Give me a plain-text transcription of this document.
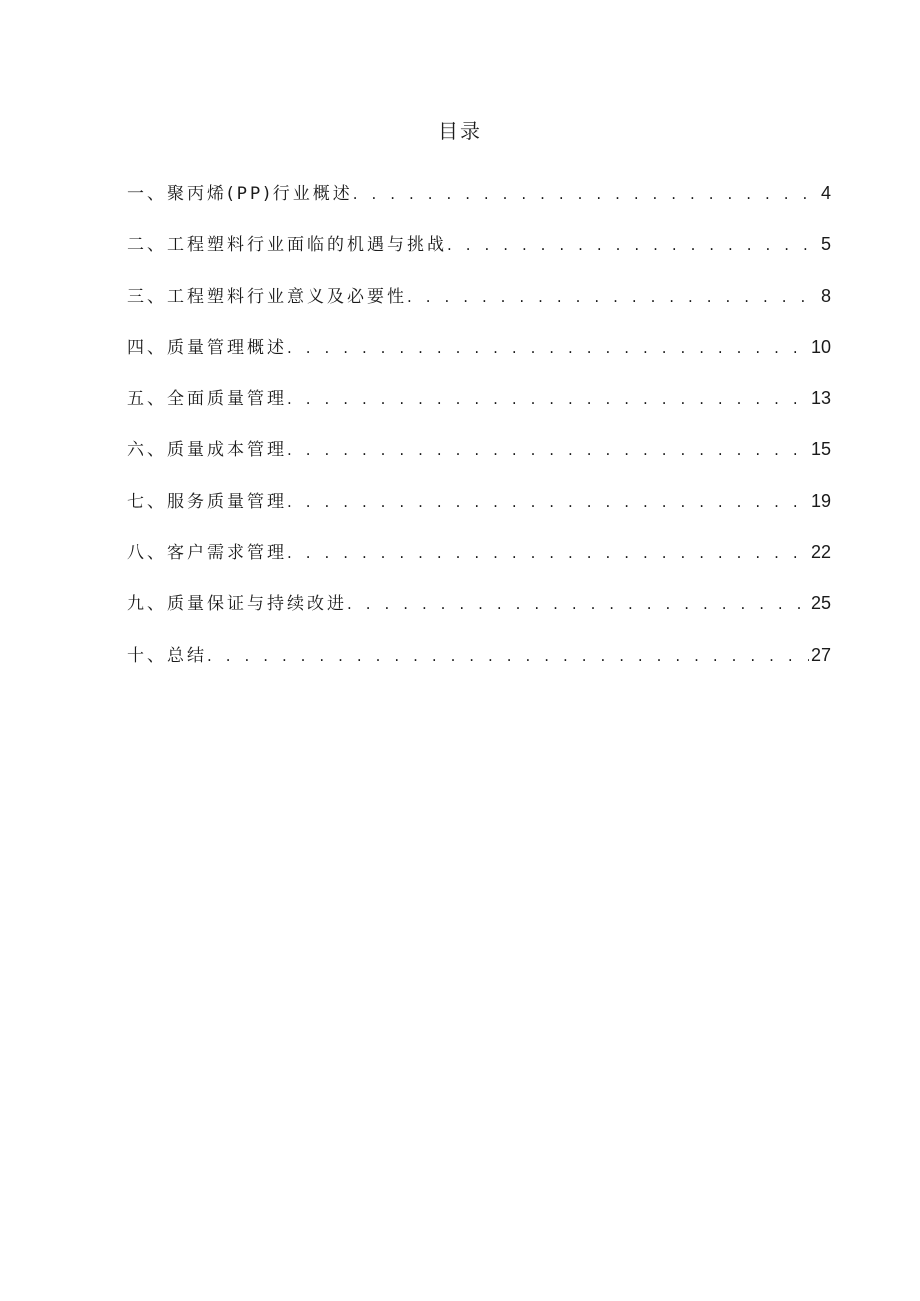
目录
一、聚丙烯(PP)行业概述 . . .	4
二、工程塑料行业面临的机遇与挑战 . . .	5
三、工程塑料行业意义及必要性 . . .	8
四、质量管理概述 . . .	10
五、全面质量管理 . . .	13
六、质量成本管理 . . .	15
七、服务质量管理 . . .	19
八、客户需求管理 . . .	22
九、质量保证与持续改进 . . .	25
十、总结 . . .	27
